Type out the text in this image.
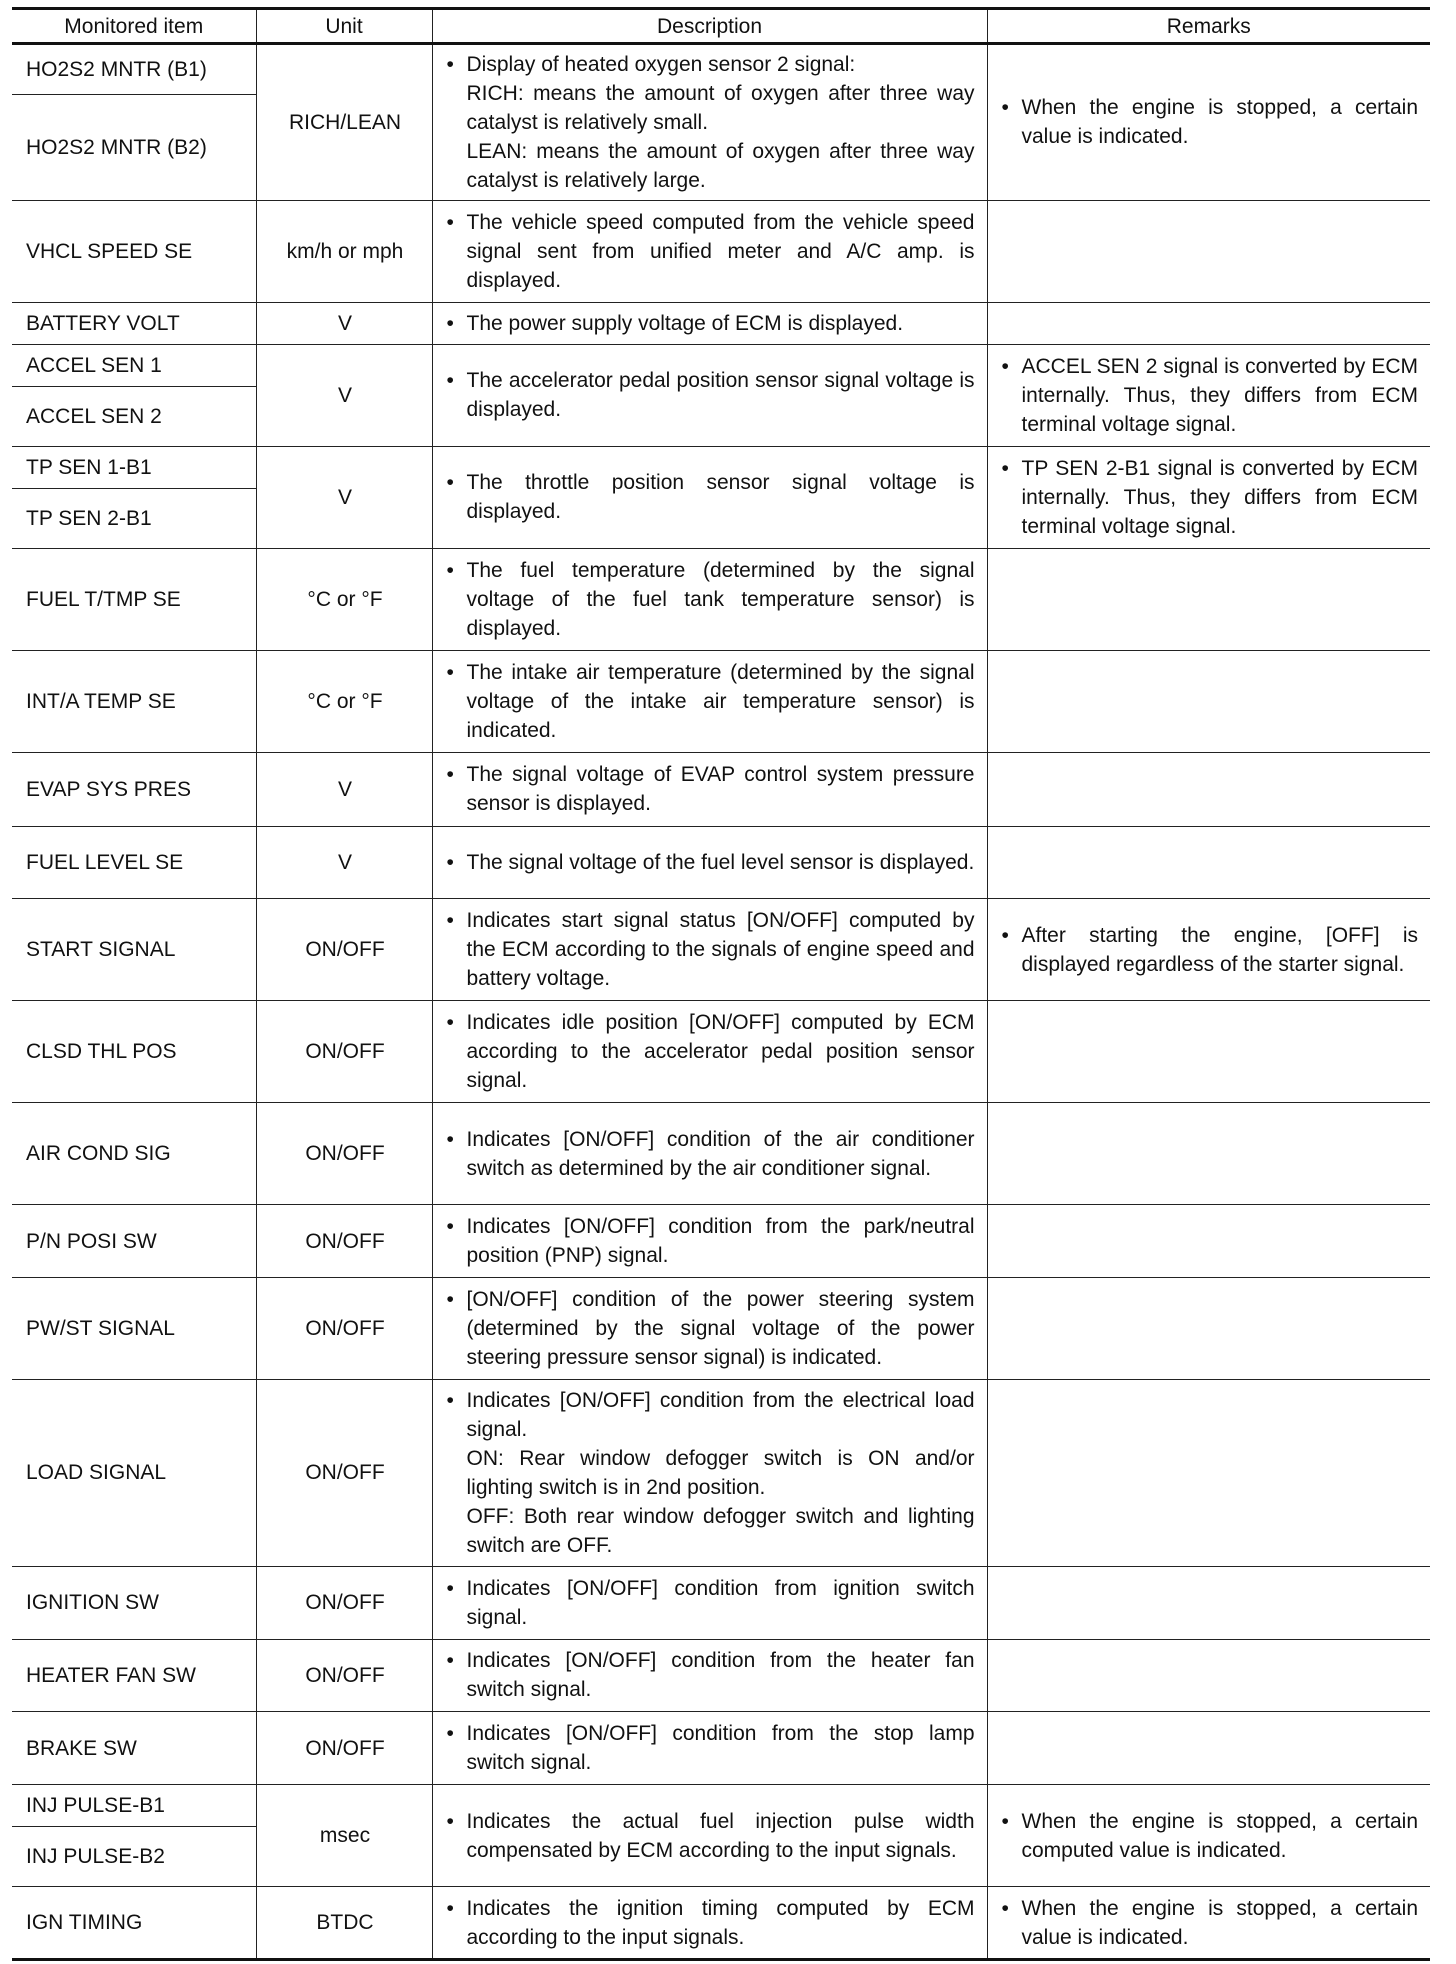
Monitored item	Unit	Description	Remarks
HO2S2 MNTR (B1)	RICH/LEAN	• Display of heated oxygen sensor 2 signal:
RICH: means the amount of oxygen after three way catalyst is relatively small.
LEAN: means the amount of oxygen after three way catalyst is relatively large.	• When the engine is stopped, a certain value is indicated.

HO2S2 MNTR (B2)			
VHCL SPEED SE	km/h or mph	• The vehicle speed computed from the vehicle speed signal sent from unified meter and A/C amp. is displayed.	

BATTERY VOLT	V	• The power supply voltage of ECM is displayed.	

ACCEL SEN 1	V	• The accelerator pedal position sensor signal voltage is displayed.	• ACCEL SEN 2 signal is converted by ECM internally. Thus, they differs from ECM terminal voltage signal.

ACCEL SEN 2			
TP SEN 1-B1	V	• The throttle position sensor signal voltage is displayed.	• TP SEN 2-B1 signal is converted by ECM internally. Thus, they differs from ECM terminal voltage signal.

TP SEN 2-B1			
FUEL T/TMP SE	°C or °F	• The fuel temperature (determined by the signal voltage of the fuel tank temperature sensor) is displayed.	

INT/A TEMP SE	°C or °F	• The intake air temperature (determined by the signal voltage of the intake air temperature sensor) is indicated.	

EVAP SYS PRES	V	• The signal voltage of EVAP control system pressure sensor is displayed.	

FUEL LEVEL SE	V	• The signal voltage of the fuel level sensor is displayed.	

START SIGNAL	ON/OFF	• Indicates start signal status [ON/OFF] computed by the ECM according to the signals of engine speed and battery voltage.	• After starting the engine, [OFF] is displayed regardless of the starter signal.

CLSD THL POS	ON/OFF	• Indicates idle position [ON/OFF] computed by ECM according to the accelerator pedal position sensor signal.	

AIR COND SIG	ON/OFF	• Indicates [ON/OFF] condition of the air conditioner switch as determined by the air conditioner signal.	

P/N POSI SW	ON/OFF	• Indicates [ON/OFF] condition from the park/neutral position (PNP) signal.	

PW/ST SIGNAL	ON/OFF	• [ON/OFF] condition of the power steering system (determined by the signal voltage of the power steering pressure sensor signal) is indicated.	

LOAD SIGNAL	ON/OFF	• Indicates [ON/OFF] condition from the electrical load signal.
ON: Rear window defogger switch is ON and/or lighting switch is in 2nd position.
OFF: Both rear window defogger switch and lighting switch are OFF.	

IGNITION SW	ON/OFF	• Indicates [ON/OFF] condition from ignition switch signal.	

HEATER FAN SW	ON/OFF	• Indicates [ON/OFF] condition from the heater fan switch signal.	

BRAKE SW	ON/OFF	• Indicates [ON/OFF] condition from the stop lamp switch signal.	

INJ PULSE-B1	msec	• Indicates the actual fuel injection pulse width compensated by ECM according to the input signals.	• When the engine is stopped, a certain computed value is indicated.

INJ PULSE-B2			
IGN TIMING	BTDC	• Indicates the ignition timing computed by ECM according to the input signals.	• When the engine is stopped, a certain value is indicated.
